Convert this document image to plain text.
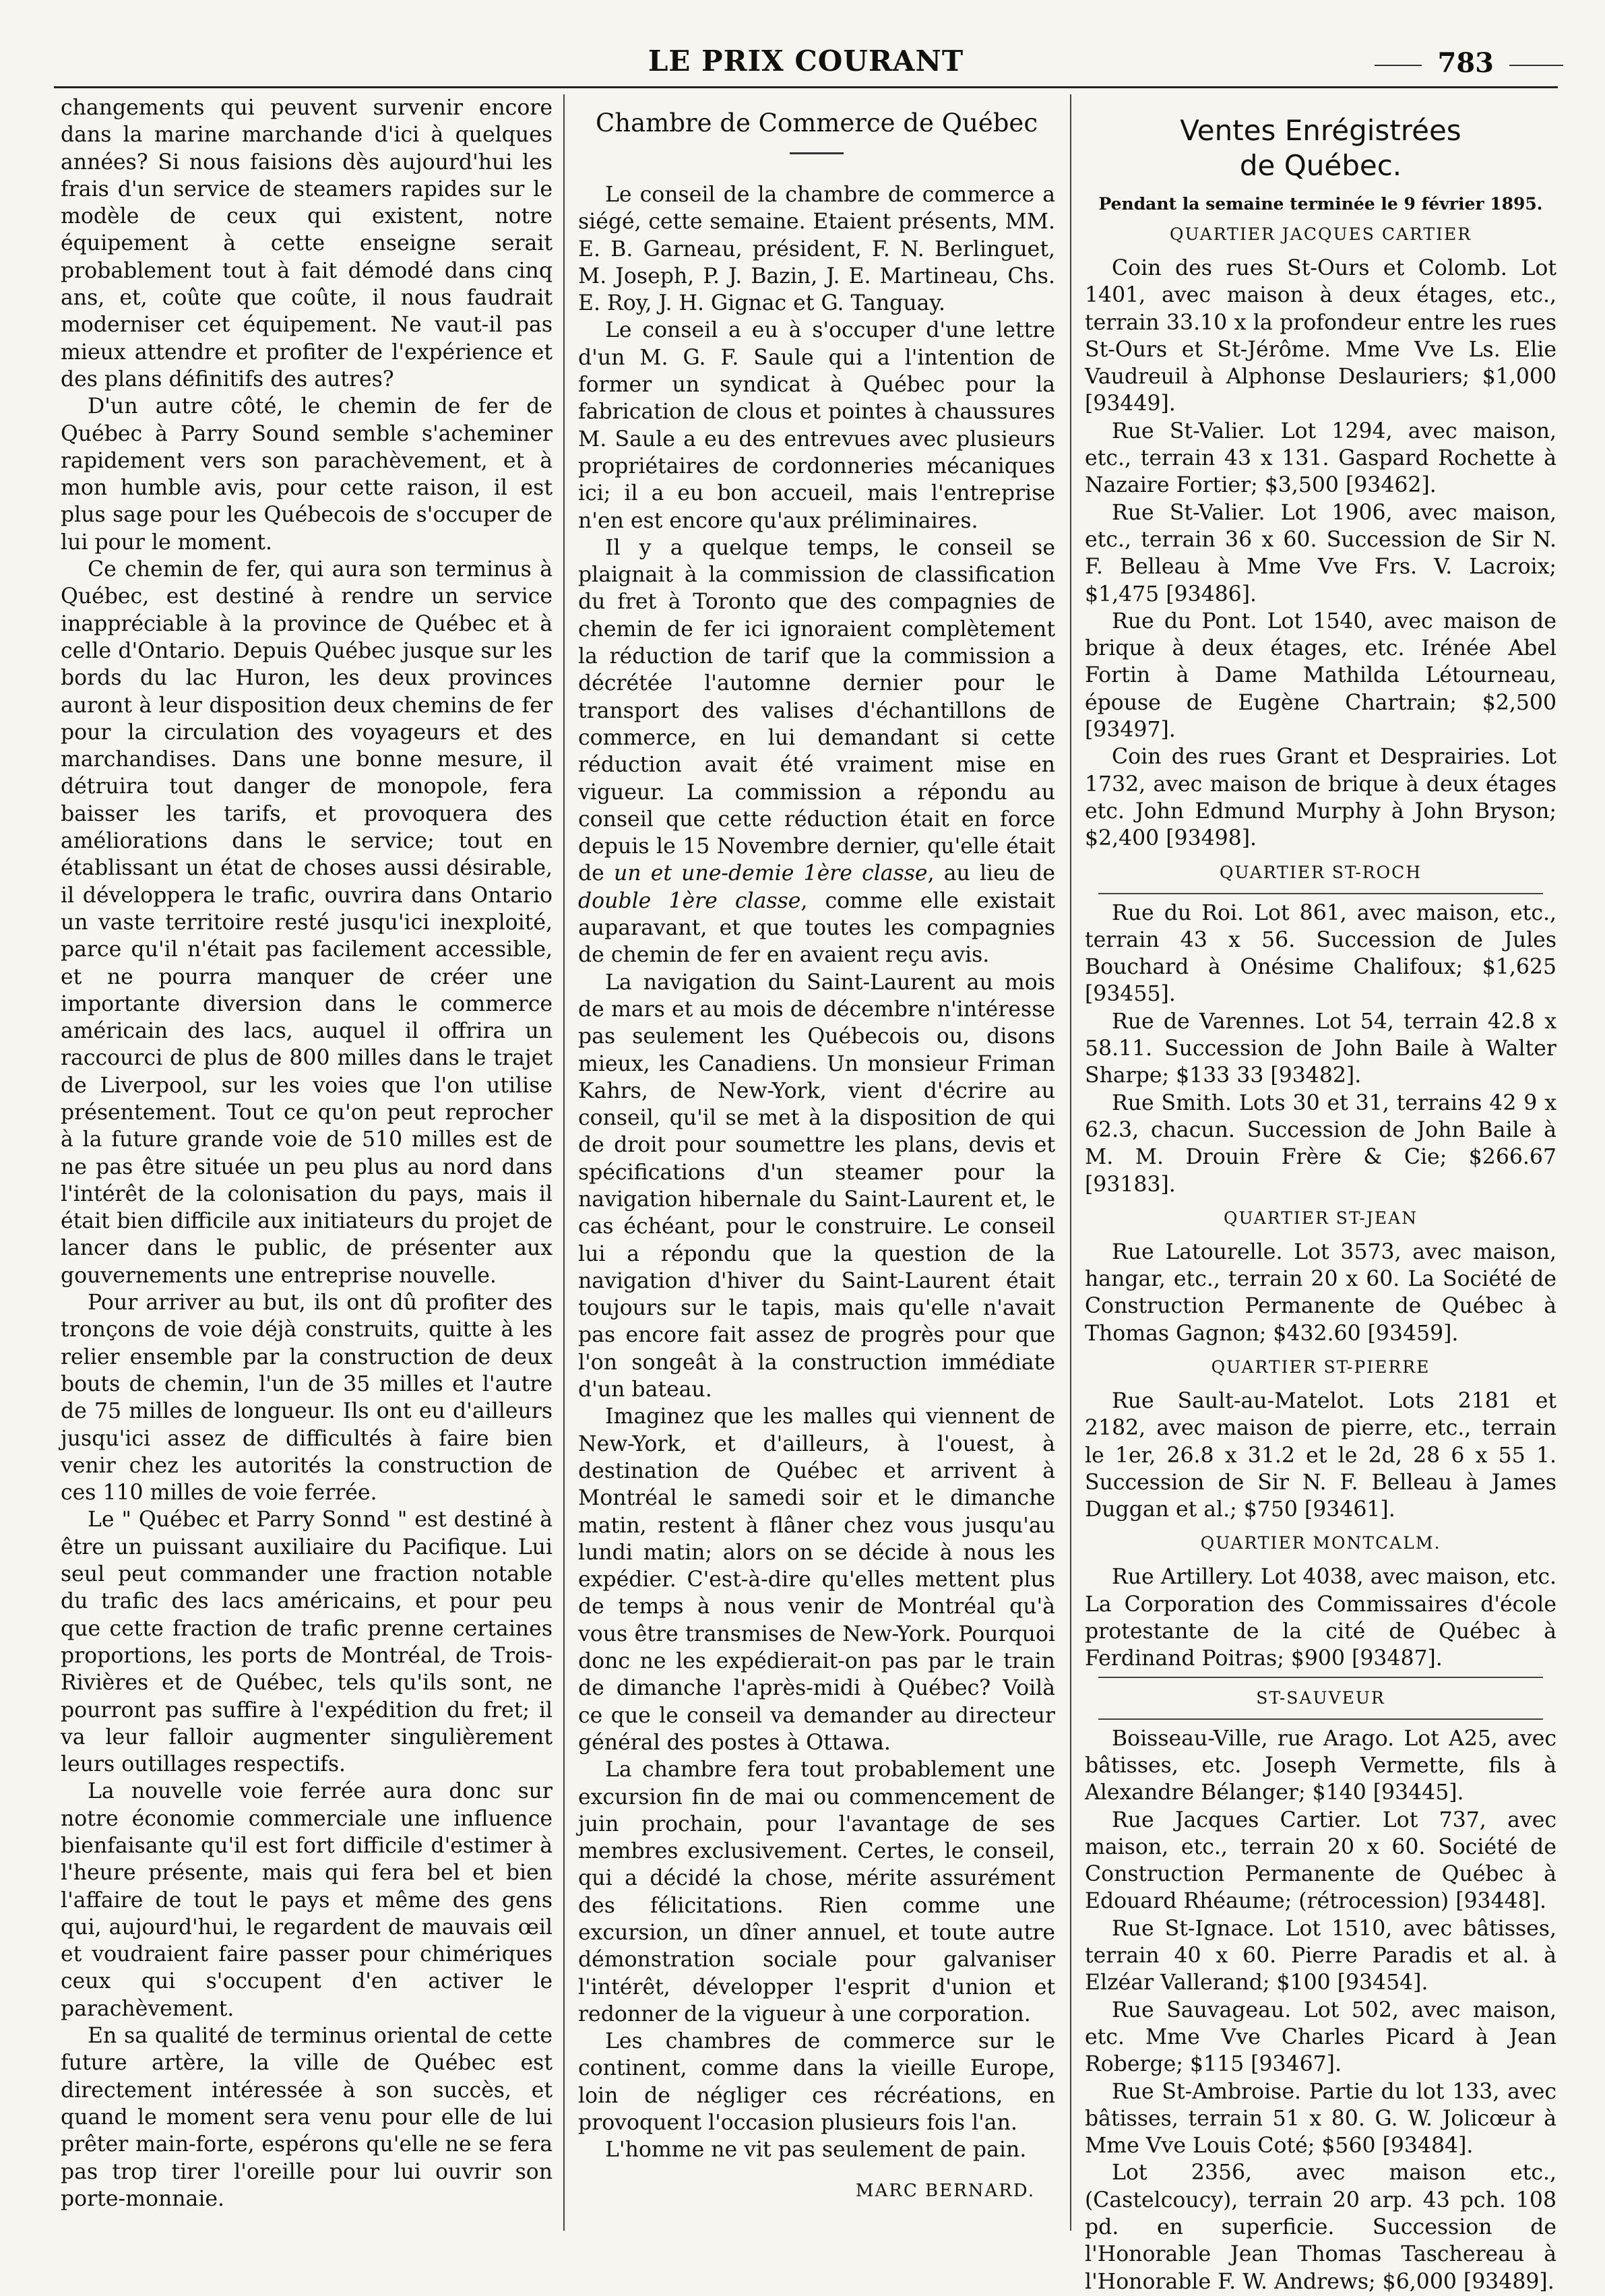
LE PRIX COURANT	783

changements qui peuvent survenir encore dans la marine marchande d'ici à quelques années? Si nous faisions dès aujourd'hui les frais d'un service de steamers rapides sur le modèle de ceux qui existent, notre équipement à cette enseigne serait probablement tout à fait démodé dans cinq ans, et, coûte que coûte, il nous faudrait moderniser cet équipement. Ne vaut-il pas mieux attendre et profiter de l'expérience et des plans définitifs des autres?

D'un autre côté, le chemin de fer de Québec à Parry Sound semble s'acheminer rapidement vers son parachèvement, et à mon humble avis, pour cette raison, il est plus sage pour les Québecois de s'occuper de lui pour le moment.

Ce chemin de fer, qui aura son terminus à Québec, est destiné à rendre un service inappréciable à la province de Québec et à celle d'Ontario. Depuis Québec jusque sur les bords du lac Huron, les deux provinces auront à leur disposition deux chemins de fer pour la circulation des voyageurs et des marchandises. Dans une bonne mesure, il détruira tout danger de monopole, fera baisser les tarifs, et provoquera des améliorations dans le service; tout en établissant un état de choses aussi désirable, il développera le trafic, ouvrira dans Ontario un vaste territoire resté jusqu'ici inexploité, parce qu'il n'était pas facilement accessible, et ne pourra manquer de créer une importante diversion dans le commerce américain des lacs, auquel il offrira un raccourci de plus de 800 milles dans le trajet de Liverpool, sur les voies que l'on utilise présentement. Tout ce qu'on peut reprocher à la future grande voie de 510 milles est de ne pas être située un peu plus au nord dans l'intérêt de la colonisation du pays, mais il était bien difficile aux initiateurs du projet de lancer dans le public, de présenter aux gouvernements une entreprise nouvelle.

Pour arriver au but, ils ont dû profiter des tronçons de voie déjà construits, quitte à les relier ensemble par la construction de deux bouts de chemin, l'un de 35 milles et l'autre de 75 milles de longueur. Ils ont eu d'ailleurs jusqu'ici assez de difficultés à faire bien venir chez les autorités la construction de ces 110 milles de voie ferrée.

Le " Québec et Parry Sonnd " est destiné à être un puissant auxiliaire du Pacifique. Lui seul peut commander une fraction notable du trafic des lacs américains, et pour peu que cette fraction de trafic prenne certaines proportions, les ports de Montréal, de Trois-Rivières et de Québec, tels qu'ils sont, ne pourront pas suffire à l'expédition du fret; il va leur falloir augmenter singulièrement leurs outillages respectifs.

La nouvelle voie ferrée aura donc sur notre économie commerciale une influence bienfaisante qu'il est fort difficile d'estimer à l'heure présente, mais qui fera bel et bien l'affaire de tout le pays et même des gens qui, aujourd'hui, le regardent de mauvais œil et voudraient faire passer pour chimériques ceux qui s'occupent d'en activer le parachèvement.

En sa qualité de terminus oriental de cette future artère, la ville de Québec est directement intéressée à son succès, et quand le moment sera venu pour elle de lui prêter main-forte, espérons qu'elle ne se fera pas trop tirer l'oreille pour lui ouvrir son porte-monnaie.

Chambre de Commerce de Québec

Le conseil de la chambre de commerce a siégé, cette semaine. Etaient présents, MM. E. B. Garneau, président, F. N. Berlinguet, M. Joseph, P. J. Bazin, J. E. Martineau, Chs. E. Roy, J. H. Gignac et G. Tanguay.

Le conseil a eu à s'occuper d'une lettre d'un M. G. F. Saule qui a l'intention de former un syndicat à Québec pour la fabrication de clous et pointes à chaussures M. Saule a eu des entrevues avec plusieurs propriétaires de cordonneries mécaniques ici; il a eu bon accueil, mais l'entreprise n'en est encore qu'aux préliminaires.

Il y a quelque temps, le conseil se plaignait à la commission de classification du fret à Toronto que des compagnies de chemin de fer ici ignoraient complètement la réduction de tarif que la commission a décrétée l'automne dernier pour le transport des valises d'échantillons de commerce, en lui demandant si cette réduction avait été vraiment mise en vigueur. La commission a répondu au conseil que cette réduction était en force depuis le 15 Novembre dernier, qu'elle était de un et une-demie 1ère classe, au lieu de double 1ère classe, comme elle existait auparavant, et que toutes les compagnies de chemin de fer en avaient reçu avis.

La navigation du Saint-Laurent au mois de mars et au mois de décembre n'intéresse pas seulement les Québecois ou, disons mieux, les Canadiens. Un monsieur Friman Kahrs, de New-York, vient d'écrire au conseil, qu'il se met à la disposition de qui de droit pour soumettre les plans, devis et spécifications d'un steamer pour la navigation hibernale du Saint-Laurent et, le cas échéant, pour le construire. Le conseil lui a répondu que la question de la navigation d'hiver du Saint-Laurent était toujours sur le tapis, mais qu'elle n'avait pas encore fait assez de progrès pour que l'on songeât à la construction immédiate d'un bateau.

Imaginez que les malles qui viennent de New-York, et d'ailleurs, à l'ouest, à destination de Québec et arrivent à Montréal le samedi soir et le dimanche matin, restent à flâner chez vous jusqu'au lundi matin; alors on se décide à nous les expédier. C'est-à-dire qu'elles mettent plus de temps à nous venir de Montréal qu'à vous être transmises de New-York. Pourquoi donc ne les expédierait-on pas par le train de dimanche l'après-midi à Québec? Voilà ce que le conseil va demander au directeur général des postes à Ottawa.

La chambre fera tout probablement une excursion fin de mai ou commencement de juin prochain, pour l'avantage de ses membres exclusivement. Certes, le conseil, qui a décidé la chose, mérite assurément des félicitations. Rien comme une excursion, un dîner annuel, et toute autre démonstration sociale pour galvaniser l'intérêt, développer l'esprit d'union et redonner de la vigueur à une corporation.

Les chambres de commerce sur le continent, comme dans la vieille Europe, loin de négliger ces récréations, en provoquent l'occasion plusieurs fois l'an.

L'homme ne vit pas seulement de pain.

MARC BERNARD.
Ventes Enrégistrées
de Québec.
Pendant la semaine terminée le 9 février 1895.
QUARTIER JACQUES CARTIER

Coin des rues St-Ours et Colomb. Lot 1401, avec maison à deux étages, etc., terrain 33.10 x la profondeur entre les rues St-Ours et St-Jérôme. Mme Vve Ls. Elie Vaudreuil à Alphonse Deslauriers; $1,000 [93449].

Rue St-Valier. Lot 1294, avec maison, etc., terrain 43 x 131. Gaspard Rochette à Nazaire Fortier; $3,500 [93462].

Rue St-Valier. Lot 1906, avec maison, etc., terrain 36 x 60. Succession de Sir N. F. Belleau à Mme Vve Frs. V. Lacroix; $1,475 [93486].

Rue du Pont. Lot 1540, avec maison de brique à deux étages, etc. Irénée Abel Fortin à Dame Mathilda Létourneau, épouse de Eugène Chartrain; $2,500 [93497].

Coin des rues Grant et Desprairies. Lot 1732, avec maison de brique à deux étages etc. John Edmund Murphy à John Bryson; $2,400 [93498].

QUARTIER ST-ROCH

Rue du Roi. Lot 861, avec maison, etc., terrain 43 x 56. Succession de Jules Bouchard à Onésime Chalifoux; $1,625 [93455].

Rue de Varennes. Lot 54, terrain 42.8 x 58.11. Succession de John Baile à Walter Sharpe; $133 33 [93482].

Rue Smith. Lots 30 et 31, terrains 42 9 x 62.3, chacun. Succession de John Baile à M. M. Drouin Frère & Cie; $266.67 [93183].

QUARTIER ST-JEAN

Rue Latourelle. Lot 3573, avec maison, hangar, etc., terrain 20 x 60. La Société de Construction Permanente de Québec à Thomas Gagnon; $432.60 [93459].

QUARTIER ST-PIERRE

Rue Sault-au-Matelot. Lots 2181 et 2182, avec maison de pierre, etc., terrain le 1er, 26.8 x 31.2 et le 2d, 28 6 x 55 1. Succession de Sir N. F. Belleau à James Duggan et al.; $750 [93461].

QUARTIER MONTCALM.

Rue Artillery. Lot 4038, avec maison, etc. La Corporation des Commissaires d'école protestante de la cité de Québec à Ferdinand Poitras; $900 [93487].

ST-SAUVEUR

Boisseau-Ville, rue Arago. Lot A25, avec bâtisses, etc. Joseph Vermette, fils à Alexandre Bélanger; $140 [93445].

Rue Jacques Cartier. Lot 737, avec maison, etc., terrain 20 x 60. Société de Construction Permanente de Québec à Edouard Rhéaume; (rétrocession) [93448].

Rue St-Ignace. Lot 1510, avec bâtisses, terrain 40 x 60. Pierre Paradis et al. à Elzéar Vallerand; $100 [93454].

Rue Sauvageau. Lot 502, avec maison, etc. Mme Vve Charles Picard à Jean Roberge; $115 [93467].

Rue St-Ambroise. Partie du lot 133, avec bâtisses, terrain 51 x 80. G. W. Jolicœur à Mme Vve Louis Coté; $560 [93484].

Lot 2356, avec maison etc., (Castelcoucy), terrain 20 arp. 43 pch. 108 pd. en superficie. Succession de l'Honorable Jean Thomas Taschereau à l'Honorable F. W. Andrews; $6,000 [93489].
